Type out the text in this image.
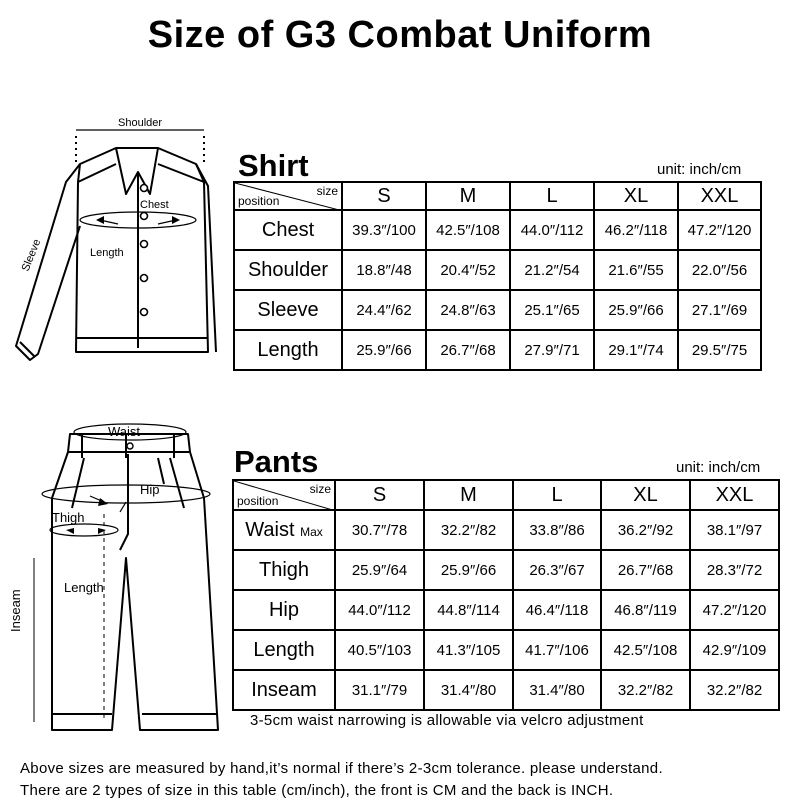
Size of G3 Combat Uniform
Shoulder
Chest
Length
Sleeve
Shirt	unit: inch/cm
size
position	S	M	L	XL	XXL
Chest	39.3″/100	42.5″/108	44.0″/112	46.2″/118	47.2″/120
Shoulder	18.8″/48	20.4″/52	21.2″/54	21.6″/55	22.0″/56
Sleeve	24.4″/62	24.8″/63	25.1″/65	25.9″/66	27.1″/69
Length	25.9″/66	26.7″/68	27.9″/71	29.1″/74	29.5″/75
Waist
Hip
Thigh
Length
Inseam
Pants	unit: inch/cm
size
position	S	M	L	XL	XXL
Waist Max	30.7″/78	32.2″/82	33.8″/86	36.2″/92	38.1″/97
Thigh	25.9″/64	25.9″/66	26.3″/67	26.7″/68	28.3″/72
Hip	44.0″/112	44.8″/114	46.4″/118	46.8″/119	47.2″/120
Length	40.5″/103	41.3″/105	41.7″/106	42.5″/108	42.9″/109
Inseam	31.1″/79	31.4″/80	31.4″/80	32.2″/82	32.2″/82
3-5cm waist narrowing is allowable via velcro adjustment
Above sizes are measured by hand,it’s normal if there’s 2-3cm tolerance. please understand.
There are 2 types of size in this table (cm/inch), the front is CM and the back is INCH.
